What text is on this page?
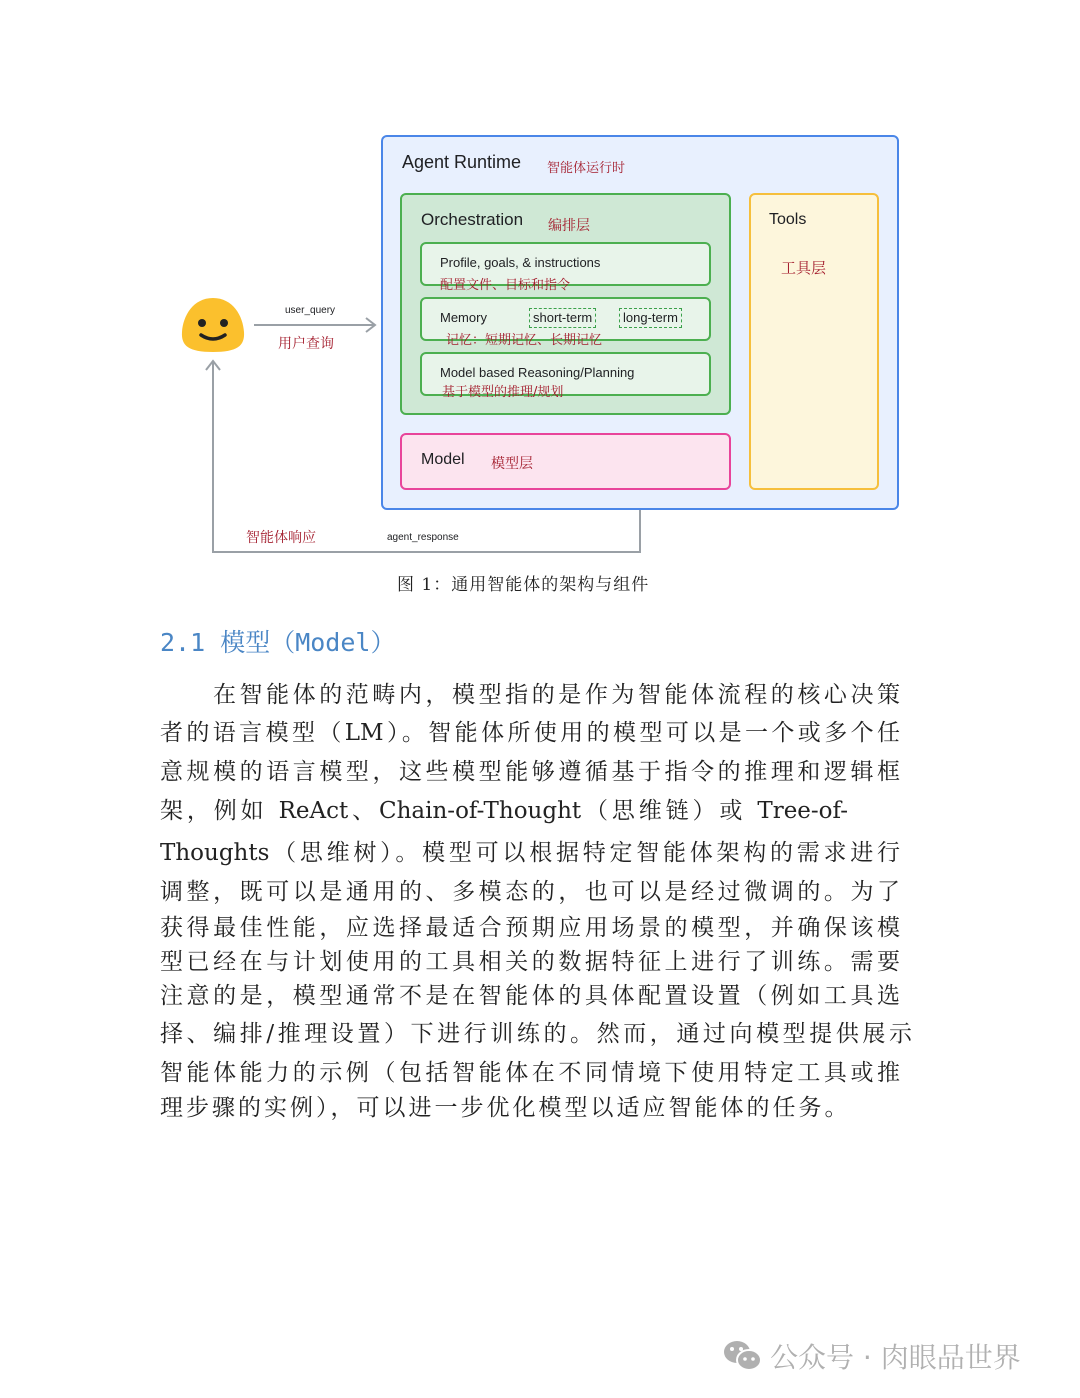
Agent Runtime 智能体运行时
Orchestration 编排层
Profile, goals, & instructions
配置文件、目标和指令
Memory	short-term	long-term
记忆：短期记忆、长期记忆
Model based Reasoning/Planning
基于模型的推理/规划
Model 模型层
Tools
工具层
user_query
用户查询
智能体响应	agent_response
图 1：通用智能体的架构与组件
2.1 模型（Model）
在智能体的范畴内，模型指的是作为智能体流程的核心决策
者的语言模型（LM）。智能体所使用的模型可以是一个或多个任
意规模的语言模型，这些模型能够遵循基于指令的推理和逻辑框
架，例如 ReAct、Chain-of-Thought（思维链）或 Tree-of-
Thoughts（思维树）。模型可以根据特定智能体架构的需求进行
调整，既可以是通用的、多模态的，也可以是经过微调的。为了
获得最佳性能，应选择最适合预期应用场景的模型，并确保该模
型已经在与计划使用的工具相关的数据特征上进行了训练。需要
注意的是，模型通常不是在智能体的具体配置设置（例如工具选
择、编排/推理设置）下进行训练的。然而，通过向模型提供展示
智能体能力的示例（包括智能体在不同情境下使用特定工具或推
理步骤的实例），可以进一步优化模型以适应智能体的任务。
公众号 · 肉眼品世界
